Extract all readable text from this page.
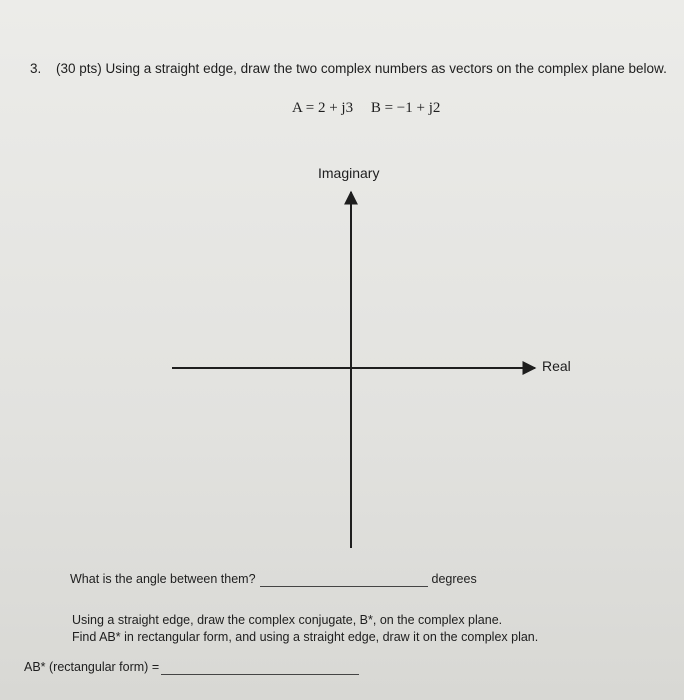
3. (30 pts) Using a straight edge, draw the two complex numbers as vectors on the complex plane below.
A = 2 + j3 B = −1 + j2
Imaginary
Real
What is the angle between them?	degrees
Using a straight edge, draw the complex conjugate, B*, on the complex plane.
Find AB* in rectangular form, and using a straight edge, draw it on the complex plan.
AB* (rectangular form) =
